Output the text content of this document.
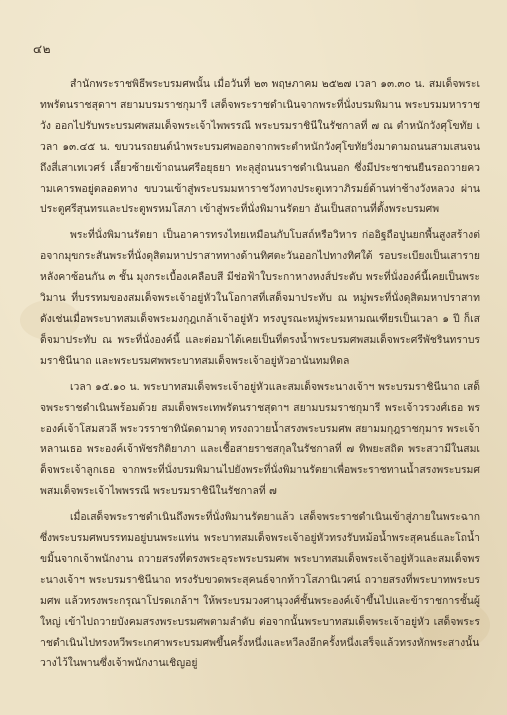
๔๒

สำนักพระราชพิธีพระบรมศพนั้น เมื่อวันที่ ๒๓ พฤษภาคม ๒๕๒๗ เวลา ๑๓.๓๐ น. สมเด็จพระเทพรัตนราชสุดาฯ สยามบรมราชกุมารี เสด็จพระราชดำเนินจากพระที่นั่งบรมพิมาน พระบรมมหาราชวัง ออกไปรับพระบรมศพสมเด็จพระเจ้าไพพรรณี พระบรมราชินีในรัชกาลที่ ๗ ณ ตำหนักวังศุโขทัย เวลา ๑๓.๔๕ น. ขบวนรถยนต์นำพระบรมศพออกจากพระตำหนักวังศุโขทัยวิ่งมาตามถนนสามเสนจนถึงสี่เสาเทเวศร์ เลี้ยวซ้ายเข้าถนนศรีอยุธยา ทะลุสู่ถนนราชดำเนินนอก ซึ่งมีประชาชนยืนรอถวายความเคารพอยู่ตลอดทาง ขบวนเข้าสู่พระบรมมหาราชวังทางประตูเทวาภิรมย์ด้านท่าช้างวังหลวง ผ่านประตูศรีสุนทรและประตูพรหมโสภา เข้าสู่พระที่นั่งพิมานรัตยา อันเป็นสถานที่ตั้งพระบรมศพ

พระที่นั่งพิมานรัตยา เป็นอาคารทรงไทยเหมือนกับโบสถ์หรือวิหาร ก่ออิฐถือปูนยกพื้นสูงสร้างต่อจากมุขกระสันพระที่นั่งดุสิตมหาปราสาททางด้านทิศตะวันออกไปทางทิศใต้ รอบระเบียงเป็นเสาราย หลังคาซ้อนกัน ๓ ชั้น มุงกระเบื้องเคลือบสี มีช่อฟ้าใบระกาหางหงส์ประดับ พระที่นั่งองค์นี้เคยเป็นพระวิมาน ที่บรรทมของสมเด็จพระเจ้าอยู่หัวในโอกาสที่เสด็จมาประทับ ณ หมู่พระที่นั่งดุสิตมหาปราสาท ดังเช่นเมื่อพระบาทสมเด็จพระมงกุฎเกล้าเจ้าอยู่หัว ทรงบูรณะหมู่พระมหามณเฑียรเป็นเวลา ๑ ปี ก็เสด็จมาประทับ ณ พระที่นั่งองค์นี้ และต่อมาได้เคยเป็นที่ตรงน้ำพระบรมศพสมเด็จพระศรีพัชรินทราบรมราชินีนาถ และพระบรมศพพระบาทสมเด็จพระเจ้าอยู่หัวอานันทมหิดล

เวลา ๑๕.๑๐ น. พระบาทสมเด็จพระเจ้าอยู่หัวและสมเด็จพระนางเจ้าฯ พระบรมราชินีนาถ เสด็จพระราชดำเนินพร้อมด้วย สมเด็จพระเทพรัตนราชสุดาฯ สยามบรมราชกุมารี พระเจ้าวรวงศ์เธอ พระองค์เจ้าโสมสวลี พระวรราชาทินัดดามาตุ ทรงถวายน้ำสรงพระบรมศพ สยามมกุฎราชกุมาร พระเจ้าหลานเธอ พระองค์เจ้าพัชรกิติยาภา และเชื้อสายราชสกุลในรัชกาลที่ ๗ ทิพยะสถิต พระสวามีในสมเด็จพระเจ้าลูกเธอ จากพระที่นั่งบรมพิมานไปยังพระที่นั่งพิมานรัตยาเพื่อพระราชทานน้ำสรงพระบรมศพสมเด็จพระเจ้าไพพรรณี พระบรมราชินีในรัชกาลที่ ๗

เมื่อเสด็จพระราชดำเนินถึงพระที่นั่งพิมานรัตยาแล้ว เสด็จพระราชดำเนินเข้าสู่ภายในพระฉาก ซึ่งพระบรมศพบรรทมอยู่บนพระแท่น พระบาทสมเด็จพระเจ้าอยู่หัวทรงรับหม้อน้ำพระสุคนธ์และโถน้ำขมิ้นจากเจ้าพนักงาน ถวายสรงที่ตรงพระอุระพระบรมศพ พระบาทสมเด็จพระเจ้าอยู่หัวและสมเด็จพระนางเจ้าฯ พระบรมราชินีนาถ ทรงรับขวดพระสุคนธ์จากท้าวโสภานิเวศน์ ถวายสรงที่พระบาทพระบรมศพ แล้วทรงพระกรุณาโปรดเกล้าฯ ให้พระบรมวงศานุวงศ์ชั้นพระองค์เจ้าขึ้นไปและข้าราชการชั้นผู้ใหญ่ เข้าไปถวายบังคมสรงพระบรมศพตามลำดับ ต่อจากนั้นพระบาทสมเด็จพระเจ้าอยู่หัว เสด็จพระราชดำเนินไปทรงหวีพระเกศาพระบรมศพขึ้นครั้งหนึ่งและหวีลงอีกครั้งหนึ่งเสร็จแล้วทรงหักพระสางนั้นวางไว้ในพานซึ่งเจ้าพนักงานเชิญอยู่
